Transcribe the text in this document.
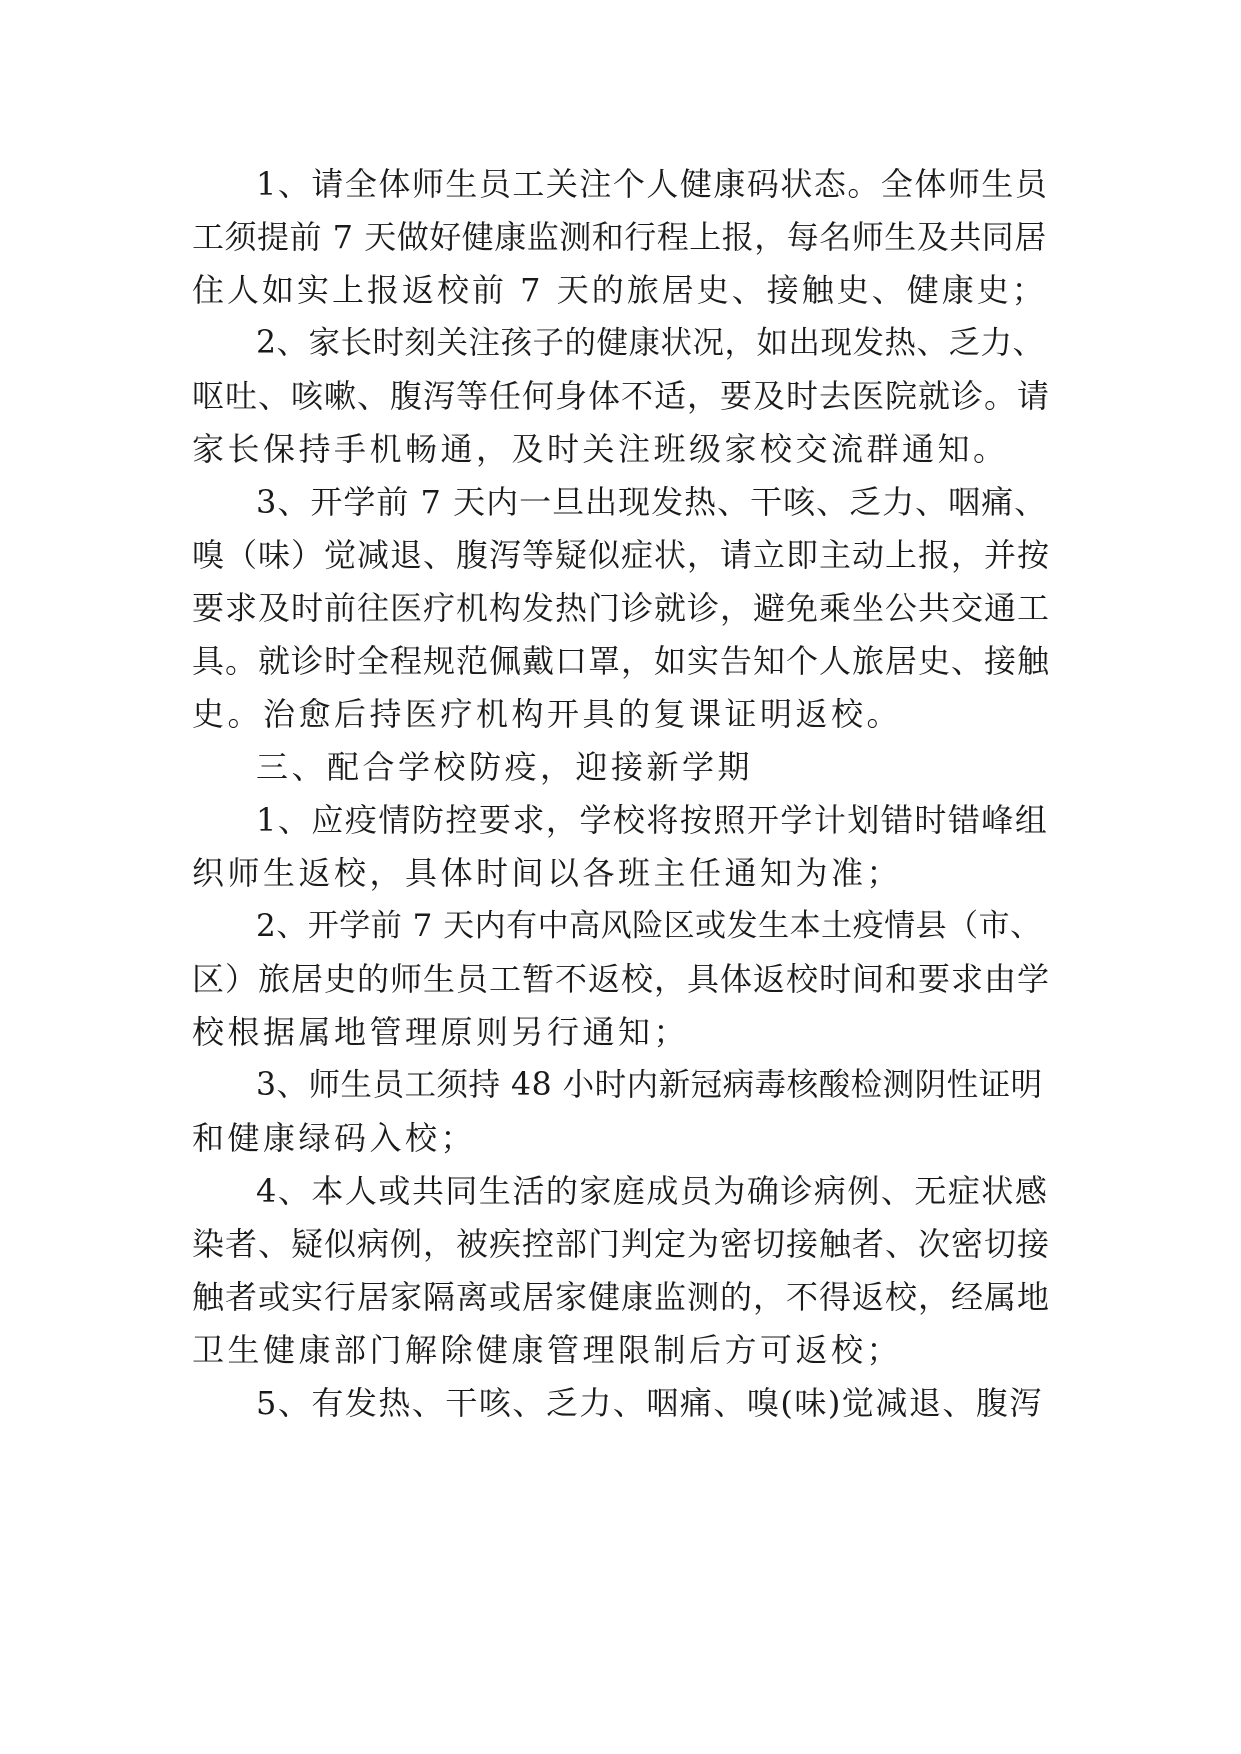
1、请全体师生员工关注个人健康码状态。全体师生员
工须提前 7 天做好健康监测和行程上报，每名师生及共同居
住人如实上报返校前 7 天的旅居史、接触史、健康史；
2、家长时刻关注孩子的健康状况，如出现发热、乏力、
呕吐、咳嗽、腹泻等任何身体不适，要及时去医院就诊。请
家长保持手机畅通，及时关注班级家校交流群通知。
3、开学前 7 天内一旦出现发热、干咳、乏力、咽痛、
嗅（味）觉减退、腹泻等疑似症状，请立即主动上报，并按
要求及时前往医疗机构发热门诊就诊，避免乘坐公共交通工
具。就诊时全程规范佩戴口罩，如实告知个人旅居史、接触
史。治愈后持医疗机构开具的复课证明返校。
三、配合学校防疫，迎接新学期
1、应疫情防控要求，学校将按照开学计划错时错峰组
织师生返校，具体时间以各班主任通知为准；
2、开学前 7 天内有中高风险区或发生本土疫情县（市、
区）旅居史的师生员工暂不返校，具体返校时间和要求由学
校根据属地管理原则另行通知；
3、师生员工须持 48 小时内新冠病毒核酸检测阴性证明
和健康绿码入校；
4、本人或共同生活的家庭成员为确诊病例、无症状感
染者、疑似病例，被疾控部门判定为密切接触者、次密切接
触者或实行居家隔离或居家健康监测的，不得返校，经属地
卫生健康部门解除健康管理限制后方可返校；
5、有发热、干咳、乏力、咽痛、嗅(味)觉减退、腹泻
